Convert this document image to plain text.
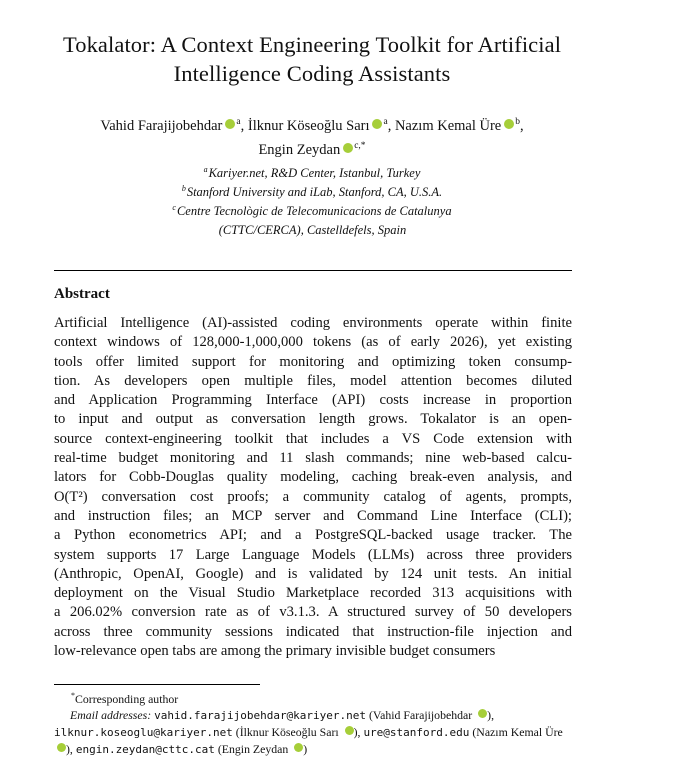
Tokalator: A Context Engineering Toolkit for Artificial
Intelligence Coding Assistants
Vahid Farajijobehdar $^a$, İlknur Köseoğlu Sarı $^a$, Nazım Kemal Üre $^b$,
Engin Zeydan $^{c,*}$
$^a$Kariyer.net, R&D Center, Istanbul, Turkey
$^b$Stanford University and iLab, Stanford, CA, U.S.A.
$^c$Centre Tecnològic de Telecomunicacions de Catalunya
(CTTC/CERCA), Castelldefels, Spain
Abstract
Artificial Intelligence (AI)-assisted coding environments operate within finite
context windows of 128,000-1,000,000 tokens (as of early 2026), yet existing
tools offer limited support for monitoring and optimizing token consump-
tion. As developers open multiple files, model attention becomes diluted
and Application Programming Interface (API) costs increase in proportion
to input and output as conversation length grows. Tokalator is an open-
source context-engineering toolkit that includes a VS Code extension with
real-time budget monitoring and 11 slash commands; nine web-based calcu-
lators for Cobb-Douglas quality modeling, caching break-even analysis, and
O(T²) conversation cost proofs; a community catalog of agents, prompts,
and instruction files; an MCP server and Command Line Interface (CLI);
a Python econometrics API; and a PostgreSQL-backed usage tracker. The
system supports 17 Large Language Models (LLMs) across three providers
(Anthropic, OpenAI, Google) and is validated by 124 unit tests. An initial
deployment on the Visual Studio Marketplace recorded 313 acquisitions with
a 206.02% conversion rate as of v3.1.3. A structured survey of 50 developers
across three community sessions indicated that instruction-file injection and
low-relevance open tabs are among the primary invisible budget consumers
*Corresponding author
Email addresses: vahid.farajijobehdar@kariyer.net (Vahid Farajijobehdar ),
ilknur.koseoglu@kariyer.net (İlknur Köseoğlu Sarı ), ure@stanford.edu (Nazım Kemal Üre
), engin.zeydan@cttc.cat (Engin Zeydan )
